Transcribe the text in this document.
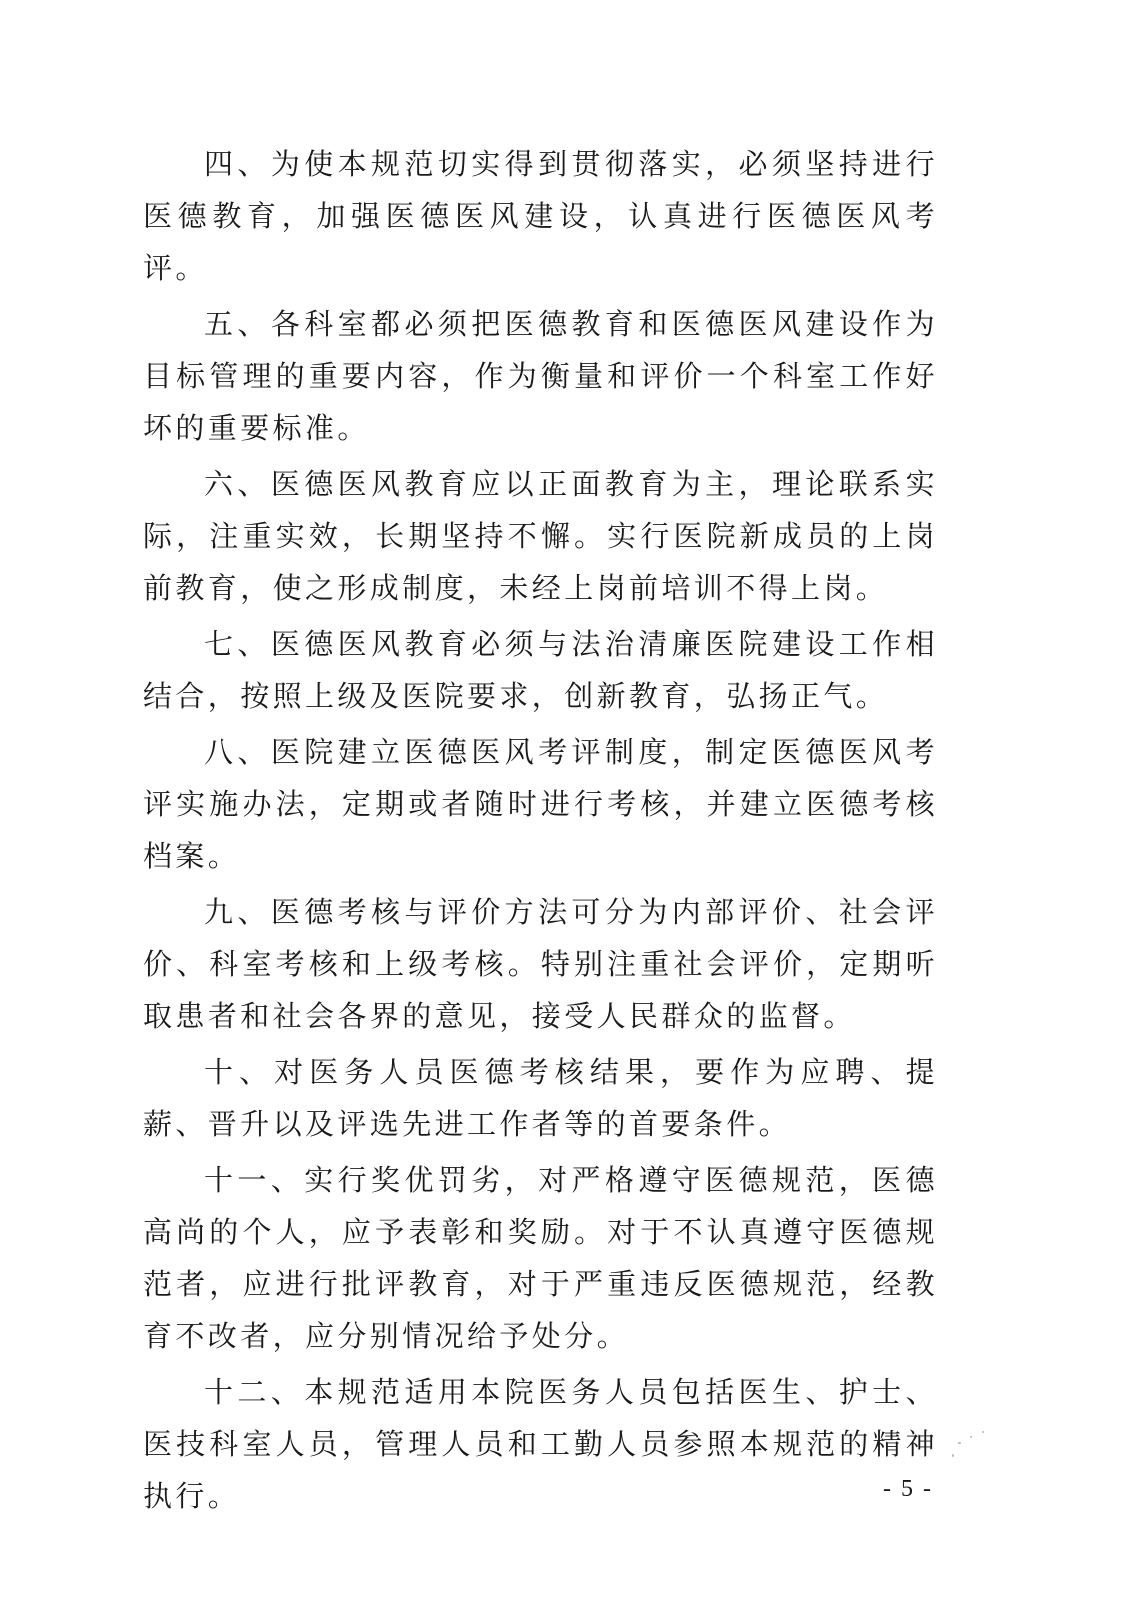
四、为使本规范切实得到贯彻落实，必须坚持进行医德教育，加强医德医风建设，认真进行医德医风考评。

五、各科室都必须把医德教育和医德医风建设作为目标管理的重要内容，作为衡量和评价一个科室工作好坏的重要标准。

六、医德医风教育应以正面教育为主，理论联系实际，注重实效，长期坚持不懈。实行医院新成员的上岗前教育，使之形成制度，未经上岗前培训不得上岗。

七、医德医风教育必须与法治清廉医院建设工作相结合，按照上级及医院要求，创新教育，弘扬正气。

八、医院建立医德医风考评制度，制定医德医风考评实施办法，定期或者随时进行考核，并建立医德考核档案。

九、医德考核与评价方法可分为内部评价、社会评价、科室考核和上级考核。特别注重社会评价，定期听取患者和社会各界的意见，接受人民群众的监督。

十、对医务人员医德考核结果，要作为应聘、提薪、晋升以及评选先进工作者等的首要条件。

十一、实行奖优罚劣，对严格遵守医德规范，医德高尚的个人，应予表彰和奖励。对于不认真遵守医德规范者，应进行批评教育，对于严重违反医德规范，经教育不改者，应分别情况给予处分。

十二、本规范适用本院医务人员包括医生、护士、医技科室人员，管理人员和工勤人员参照本规范的精神执行。	- 5 -
